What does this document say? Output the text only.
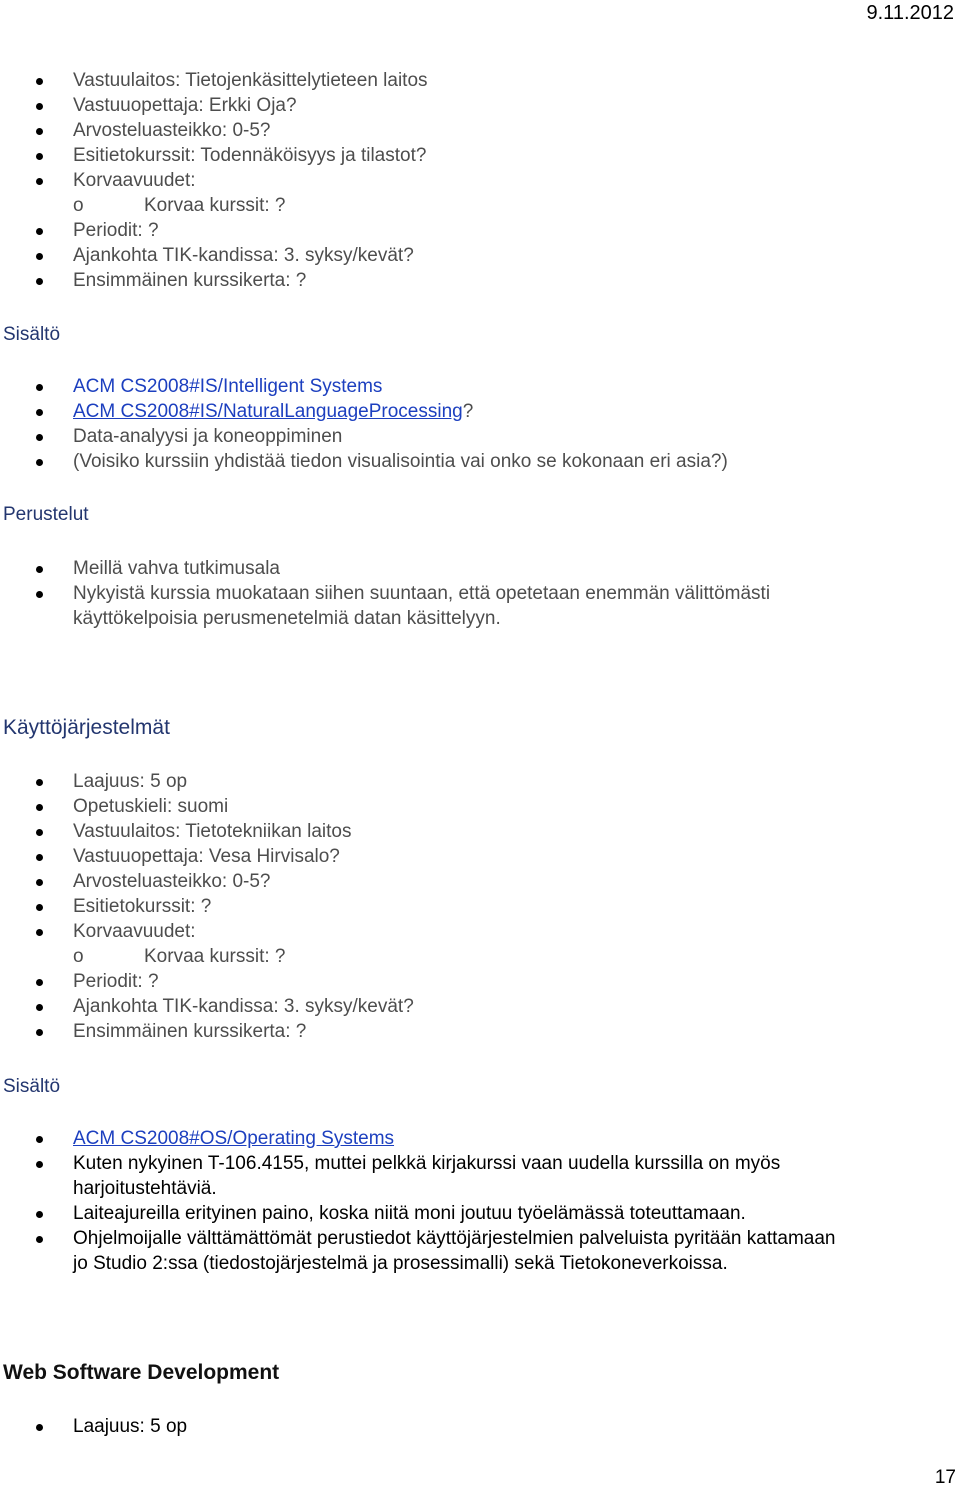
9.11.2012
Vastuulaitos: Tietojenkäsittelytieteen laitos
Vastuuopettaja: Erkki Oja?
Arvosteluasteikko: 0-5?
Esitietokurssit: Todennäköisyys ja tilastot?
Korvaavuudet:
o	Korvaa kurssit: ?
Periodit: ?
Ajankohta TIK-kandissa: 3. syksy/kevät?
Ensimmäinen kurssikerta: ?
Sisältö
ACM CS2008#IS/Intelligent Systems
ACM CS2008#IS/NaturalLanguageProcessing?
Data-analyysi ja koneoppiminen
(Voisiko kurssiin yhdistää tiedon visualisointia vai onko se kokonaan eri asia?)
Perustelut
Meillä vahva tutkimusala
Nykyistä kurssia muokataan siihen suuntaan, että opetetaan enemmän välittömästi
käyttökelpoisia perusmenetelmiä datan käsittelyyn.
Käyttöjärjestelmät
Laajuus: 5 op
Opetuskieli: suomi
Vastuulaitos: Tietotekniikan laitos
Vastuuopettaja: Vesa Hirvisalo?
Arvosteluasteikko: 0-5?
Esitietokurssit: ?
Korvaavuudet:
o	Korvaa kurssit: ?
Periodit: ?
Ajankohta TIK-kandissa: 3. syksy/kevät?
Ensimmäinen kurssikerta: ?
Sisältö
ACM CS2008#OS/Operating Systems
Kuten nykyinen T-106.4155, muttei pelkkä kirjakurssi vaan uudella kurssilla on myös
harjoitustehtäviä.
Laiteajureilla erityinen paino, koska niitä moni joutuu työelämässä toteuttamaan.
Ohjelmoijalle välttämättömät perustiedot käyttöjärjestelmien palveluista pyritään kattamaan
jo Studio 2:ssa (tiedostojärjestelmä ja prosessimalli) sekä Tietokoneverkoissa.
Web Software Development
Laajuus: 5 op
17
